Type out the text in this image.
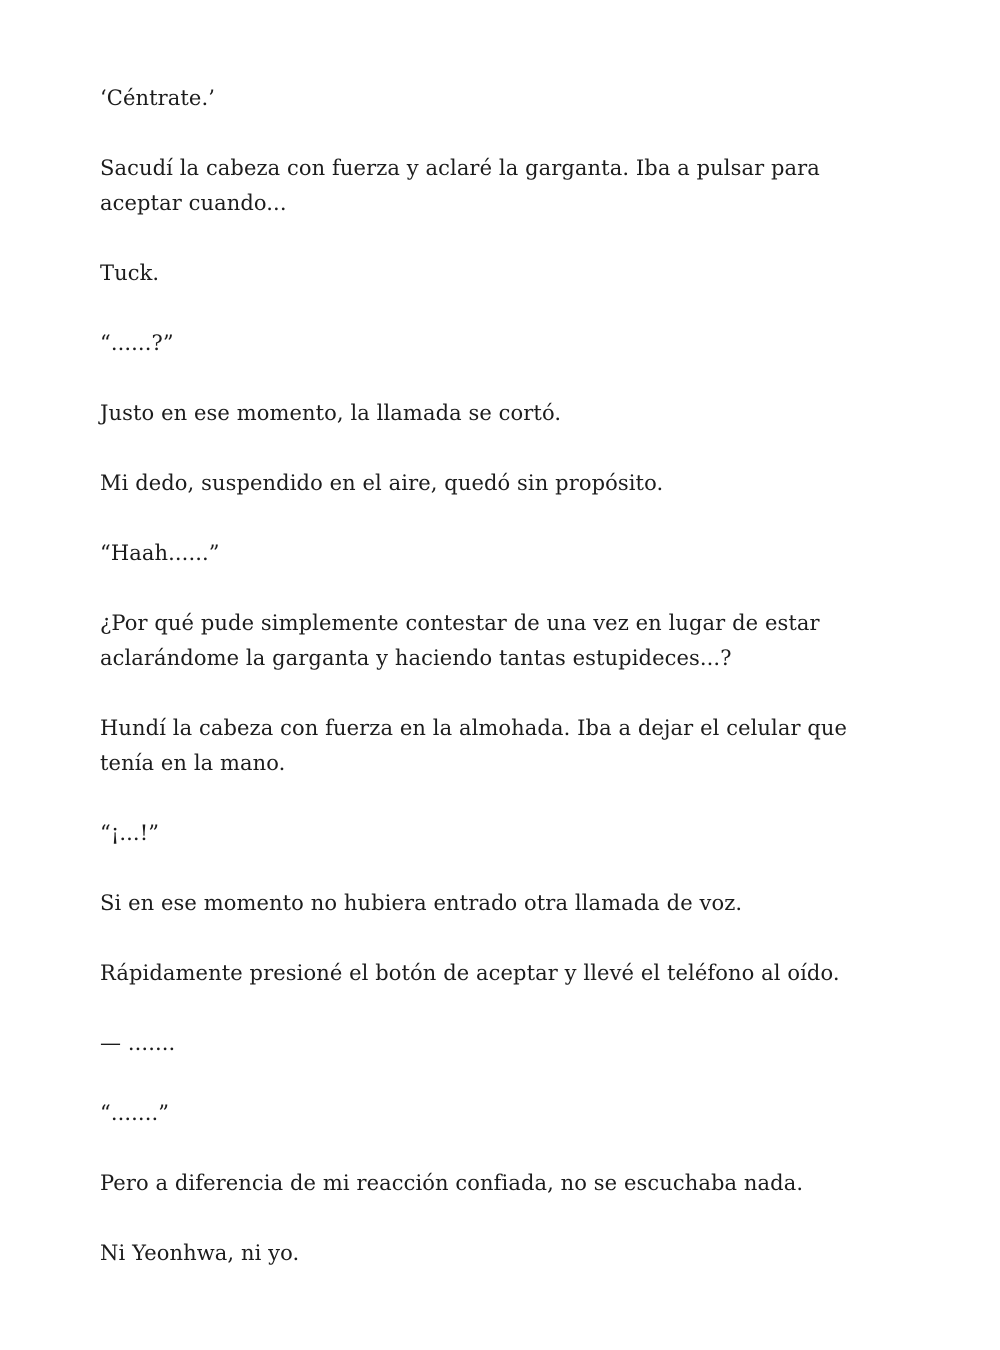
‘Céntrate.’

Sacudí la cabeza con fuerza y aclaré la garganta. Iba a pulsar para aceptar cuando...

Tuck.

“......?”

Justo en ese momento, la llamada se cortó.

Mi dedo, suspendido en el aire, quedó sin propósito.

“Haah......”

¿Por qué pude simplemente contestar de una vez en lugar de estar aclarándome la garganta y haciendo tantas estupideces...?

Hundí la cabeza con fuerza en la almohada. Iba a dejar el celular que tenía en la mano.

“¡...!”

Si en ese momento no hubiera entrado otra llamada de voz.

Rápidamente presioné el botón de aceptar y llevé el teléfono al oído.

— .......

“.......”

Pero a diferencia de mi reacción confiada, no se escuchaba nada.

Ni Yeonhwa, ni yo.
